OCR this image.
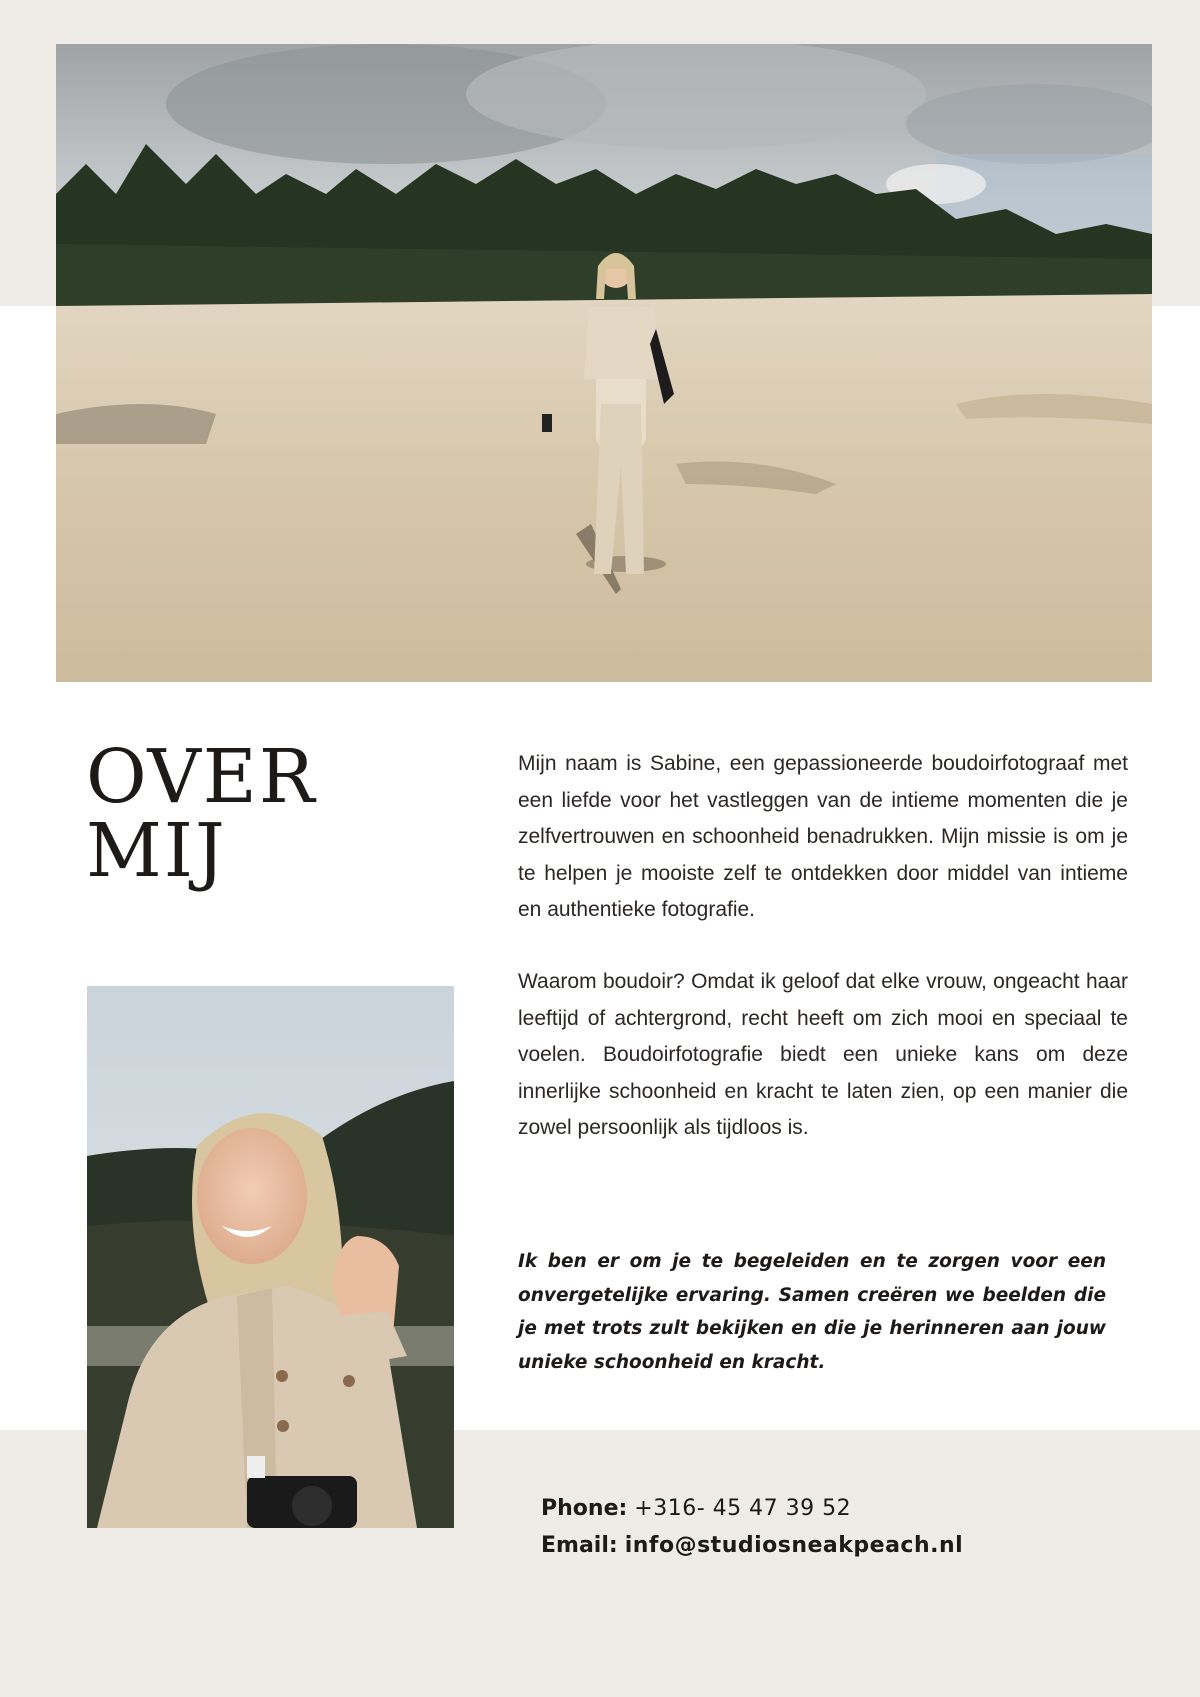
OVER
MIJ

Mijn naam is Sabine, een gepassioneerde boudoirfotograaf met een liefde voor het vastleggen van de intieme momenten die je zelfvertrouwen en schoonheid benadrukken. Mijn missie is om je te helpen je mooiste zelf te ontdekken door middel van intieme en authentieke fotografie.

Waarom boudoir? Omdat ik geloof dat elke vrouw, ongeacht haar leeftijd of achtergrond, recht heeft om zich mooi en speciaal te voelen. Boudoirfotografie biedt een unieke kans om deze innerlijke schoonheid en kracht te laten zien, op een manier die zowel persoonlijk als tijdloos is.

Ik ben er om je te begeleiden en te zorgen voor een onvergetelijke ervaring. Samen creëren we beelden die je met trots zult bekijken en die je herinneren aan jouw unieke schoonheid en kracht.

Phone: +316- 45 47 39 52
Email: info@studiosneakpeach.nl
